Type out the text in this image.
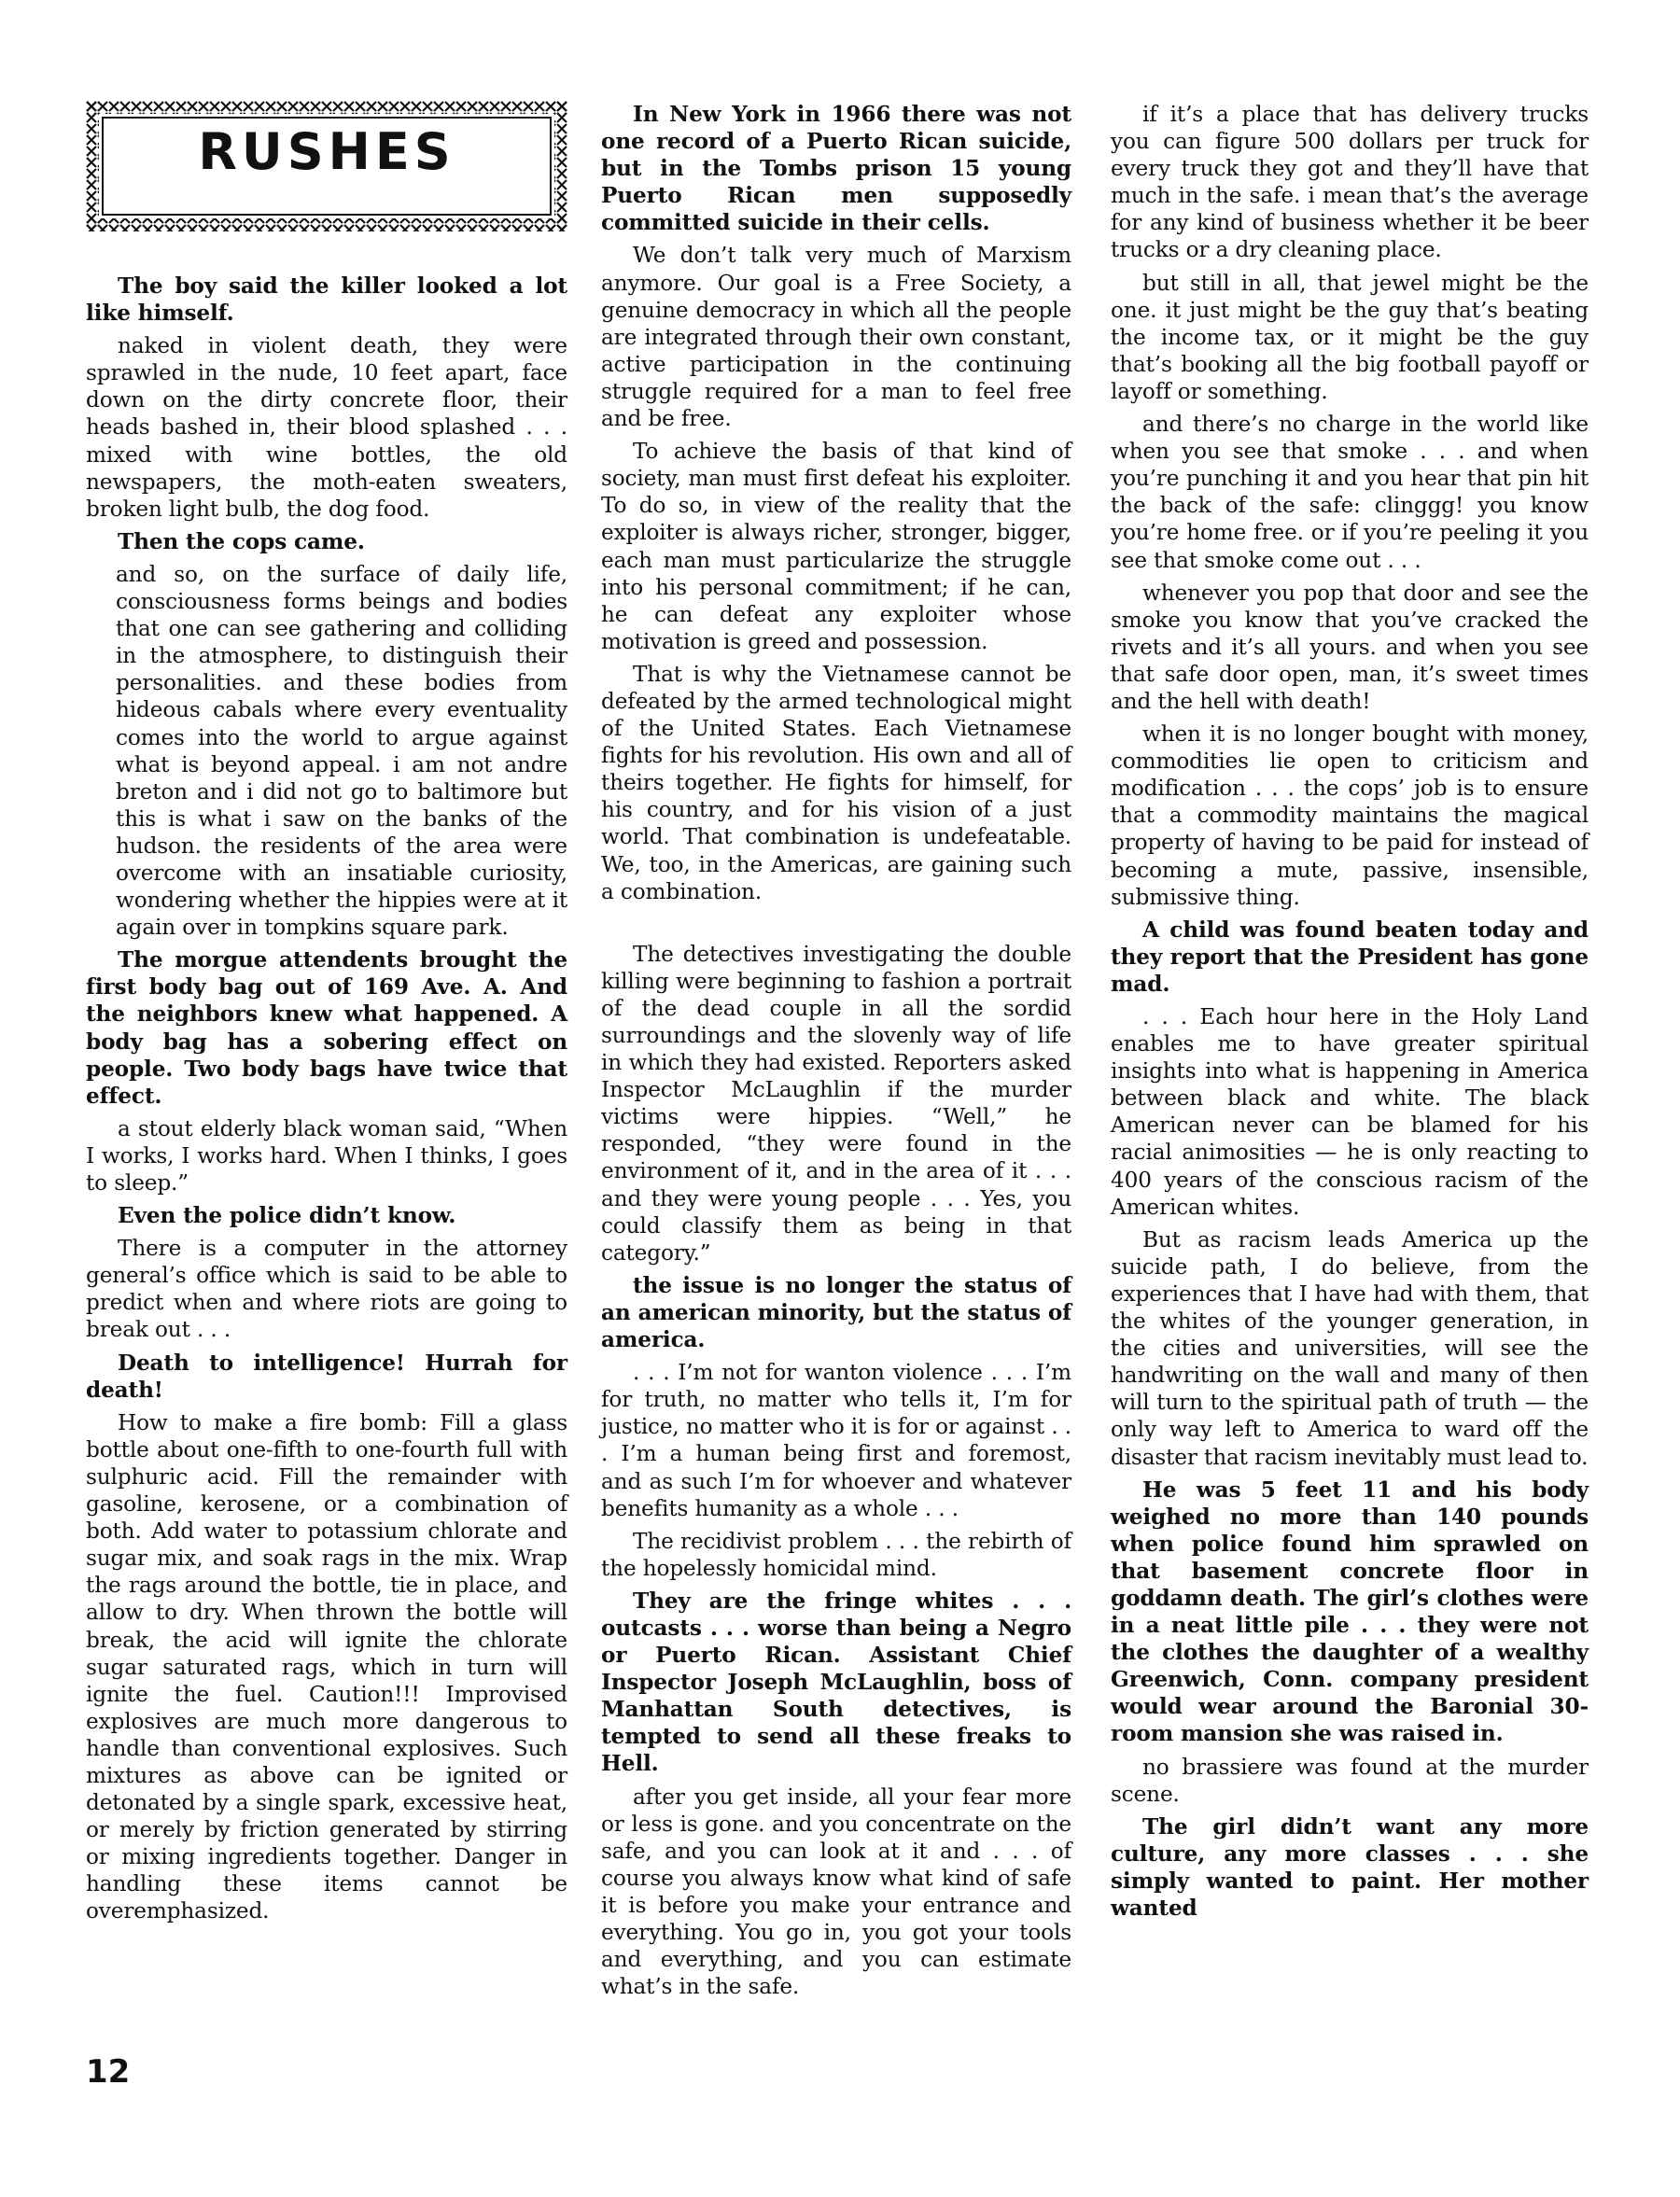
RUSHES

The boy said the killer looked a lot like himself.

naked in violent death, they were sprawled in the nude, 10 feet apart, face down on the dirty concrete floor, their heads bashed in, their blood splashed . . . mixed with wine bottles, the old newspapers, the moth-eaten sweaters, broken light bulb, the dog food.

Then the cops came.

and so, on the surface of daily life, consciousness forms beings and bodies that one can see gathering and colliding in the atmosphere, to distinguish their personalities. and these bodies from hideous cabals where every eventuality comes into the world to argue against what is beyond appeal. i am not andre breton and i did not go to baltimore but this is what i saw on the banks of the hudson. the residents of the area were overcome with an insatiable curiosity, wondering whether the hippies were at it again over in tompkins square park.

The morgue attendents brought the first body bag out of 169 Ave. A. And the neighbors knew what happened. A body bag has a sobering effect on people. Two body bags have twice that effect.

a stout elderly black woman said, “When I works, I works hard. When I thinks, I goes to sleep.”

Even the police didn’t know.

There is a computer in the attorney general’s office which is said to be able to predict when and where riots are going to break out . . .

Death to intelligence! Hurrah for death!

How to make a fire bomb: Fill a glass bottle about one-fifth to one-fourth full with sulphuric acid. Fill the remainder with gasoline, kerosene, or a combination of both. Add water to potassium chlorate and sugar mix, and soak rags in the mix. Wrap the rags around the bottle, tie in place, and allow to dry. When thrown the bottle will break, the acid will ignite the chlorate sugar saturated rags, which in turn will ignite the fuel. Caution!!! Improvised explosives are much more dangerous to handle than conventional explosives. Such mixtures as above can be ignited or detonated by a single spark, excessive heat, or merely by friction generated by stirring or mixing ingredients together. Danger in handling these items cannot be overemphasized.

In New York in 1966 there was not one record of a Puerto Rican suicide, but in the Tombs prison 15 young Puerto Rican men supposedly committed suicide in their cells.

We don’t talk very much of Marxism anymore. Our goal is a Free Society, a genuine democracy in which all the people are integrated through their own constant, active participation in the continuing struggle required for a man to feel free and be free.

To achieve the basis of that kind of society, man must first defeat his exploiter. To do so, in view of the reality that the exploiter is always richer, stronger, bigger, each man must particularize the struggle into his personal commitment; if he can, he can defeat any exploiter whose motivation is greed and possession.

That is why the Vietnamese cannot be defeated by the armed technological might of the United States. Each Vietnamese fights for his revolution. His own and all of theirs together. He fights for himself, for his country, and for his vision of a just world. That combination is undefeatable. We, too, in the Americas, are gaining such a combination.

The detectives investigating the double killing were beginning to fashion a portrait of the dead couple in all the sordid surroundings and the slovenly way of life in which they had existed. Reporters asked Inspector McLaughlin if the murder victims were hippies. “Well,” he responded, “they were found in the environment of it, and in the area of it . . . and they were young people . . . Yes, you could classify them as being in that category.”

the issue is no longer the status of an american minority, but the status of america.

. . . I’m not for wanton violence . . . I’m for truth, no matter who tells it, I’m for justice, no matter who it is for or against . . . I’m a human being first and foremost, and as such I’m for whoever and whatever benefits humanity as a whole . . .

The recidivist problem . . . the rebirth of the hopelessly homicidal mind.

They are the fringe whites . . . outcasts . . . worse than being a Negro or Puerto Rican. Assistant Chief Inspector Joseph McLaughlin, boss of Manhattan South detectives, is tempted to send all these freaks to Hell.

after you get inside, all your fear more or less is gone. and you concentrate on the safe, and you can look at it and . . . of course you always know what kind of safe it is before you make your entrance and everything. You go in, you got your tools and everything, and you can estimate what’s in the safe.

if it’s a place that has delivery trucks you can figure 500 dollars per truck for every truck they got and they’ll have that much in the safe. i mean that’s the average for any kind of business whether it be beer trucks or a dry cleaning place.

but still in all, that jewel might be the one. it just might be the guy that’s beating the income tax, or it might be the guy that’s booking all the big football payoff or layoff or something.

and there’s no charge in the world like when you see that smoke . . . and when you’re punching it and you hear that pin hit the back of the safe: clinggg! you know you’re home free. or if you’re peeling it you see that smoke come out . . .

whenever you pop that door and see the smoke you know that you’ve cracked the rivets and it’s all yours. and when you see that safe door open, man, it’s sweet times and the hell with death!

when it is no longer bought with money, commodities lie open to criticism and modification . . . the cops’ job is to ensure that a commodity maintains the magical property of having to be paid for instead of becoming a mute, passive, insensible, submissive thing.

A child was found beaten today and they report that the President has gone mad.

. . . Each hour here in the Holy Land enables me to have greater spiritual insights into what is happening in America between black and white. The black American never can be blamed for his racial animosities — he is only reacting to 400 years of the conscious racism of the American whites.

But as racism leads America up the suicide path, I do believe, from the experiences that I have had with them, that the whites of the younger generation, in the cities and universities, will see the handwriting on the wall and many of then will turn to the spiritual path of truth — the only way left to America to ward off the disaster that racism inevitably must lead to.

He was 5 feet 11 and his body weighed no more than 140 pounds when police found him sprawled on that basement concrete floor in goddamn death. The girl’s clothes were in a neat little pile . . . they were not the clothes the daughter of a wealthy Greenwich, Conn. company president would wear around the Baronial 30-room mansion she was raised in.

no brassiere was found at the murder scene.

The girl didn’t want any more culture, any more classes . . . she simply wanted to paint. Her mother wanted

12
